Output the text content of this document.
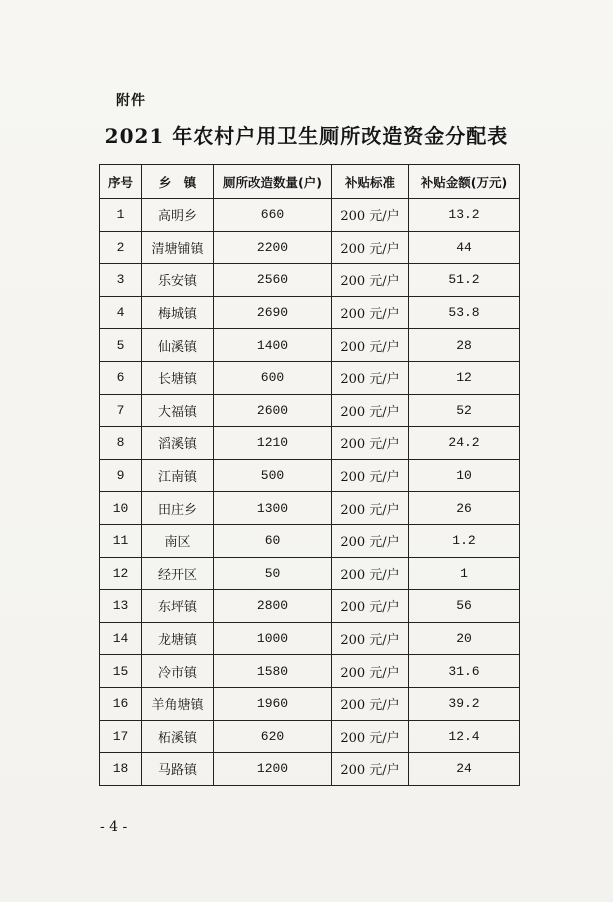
附件
2021 年农村户用卫生厕所改造资金分配表
序号	乡　镇	厕所改造数量(户)	补贴标准	补贴金额(万元)
1	高明乡	660	200 元/户	13.2
2	清塘铺镇	2200	200 元/户	44
3	乐安镇	2560	200 元/户	51.2
4	梅城镇	2690	200 元/户	53.8
5	仙溪镇	1400	200 元/户	28
6	长塘镇	600	200 元/户	12
7	大福镇	2600	200 元/户	52
8	滔溪镇	1210	200 元/户	24.2
9	江南镇	500	200 元/户	10
10	田庄乡	1300	200 元/户	26
11	南区	60	200 元/户	1.2
12	经开区	50	200 元/户	1
13	东坪镇	2800	200 元/户	56
14	龙塘镇	1000	200 元/户	20
15	冷市镇	1580	200 元/户	31.6
16	羊角塘镇	1960	200 元/户	39.2
17	柘溪镇	620	200 元/户	12.4
18	马路镇	1200	200 元/户	24
- 4 -
